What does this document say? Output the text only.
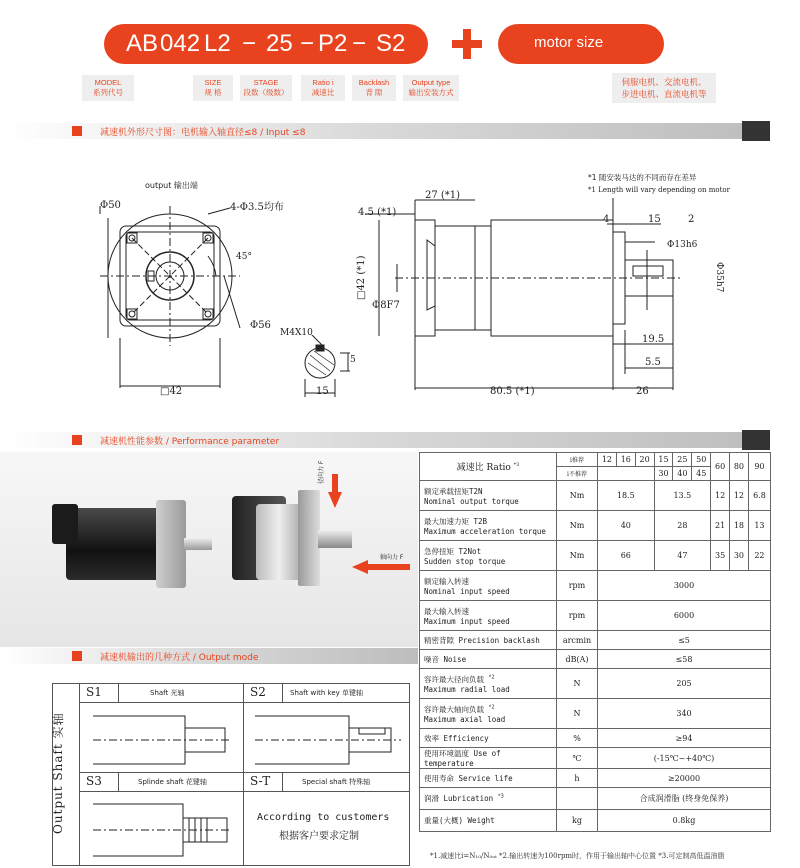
AB 042 L2 − 25 − P2 − S2	motor size
MODEL
系列代号
SIZE
规 格
STAGE
段数（级数）
Ratio i
减速比
Backlash
背 隙
Output type
输出安装方式
伺服电机、交流电机、
步进电机、直流电机等
减速机外形尺寸图：电机输入轴直径≤8 / Input ≤8
output 输出端
Φ50	4-Φ3.5均布
45°
Φ56
□42
M4X10
5
15
*1 随安装马达的不同而存在差异
*1 Length will vary depending on motor
27 (*1)
4.5 (*1)
4	15	2
Φ13h6
Φ35h7
□42 (*1)
Φ8F7
19.5
5.5
80.5 (*1)	26
减速机性能参数 / Performance parameter
径向力 F
轴向力 F
减速比 Ratio $^{*3}$	i推荐	12	16	20	15	25	50	60	80	90
	i不推荐				30	40	45			

额定承载扭矩T2N
Nominal output torque	Nm	18.5			13.5			12	12	6.8

最大加速力矩 T2B
Maximum acceleration torque	Nm	40			28			21	18	13

急停扭矩 T2Not
Sudden stop torque	Nm	66			47			35	30	22

额定输入转速
Nominal input speed	rpm	3000								

最大输入转速
Maximum input speed	rpm	6000								

精密背隙 Precision backlash	arcmin	≤5								

噪音 Noise	dB(A)	≤58								

容许最大径向负载 $^{*2}$
Maximum radial load	N	205								

容许最大轴向负载 $^{*2}$
Maximum axial load	N	340								

效率 Efficiency	%	≥94								

使用环境温度 Use of temperature	℃	(-15℃~+40℃)								

使用寿命 Service life	h	≥20000								

润滑 Lubrication $^{*3}$		合成润滑脂 (终身免保养)								

重量(大概) Weight	kg	0.8kg								
*1.减速比i=N₁₀/N₀ᵤₜ *2.输出转速为100rpm时，作用于输出轴中心位置 *3.可定制高低温油脂
减速机输出的几种方式 / Output mode
Output Shaft 实轴
S1	Shaft 光轴	S2	Shaft with key 单键轴
S3	Splinde shaft 花键轴	S-T	Special shaft 特殊轴
According to customers
根据客户要求定制
